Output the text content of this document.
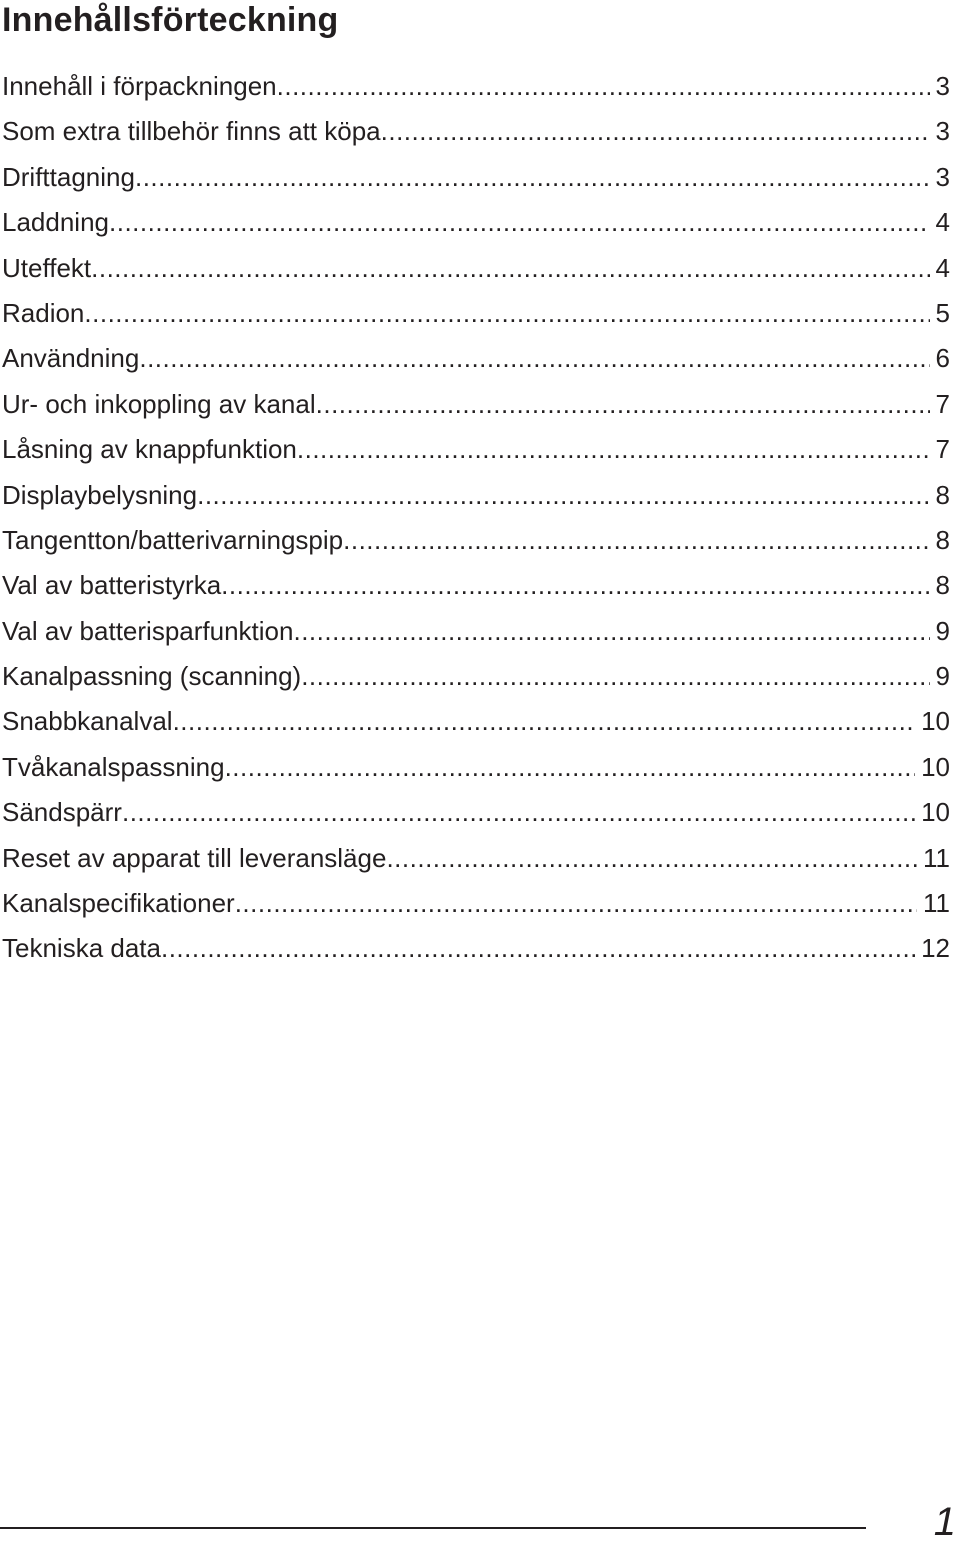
Innehållsförteckning
Innehåll i förpackningen .....	3
Som extra tillbehör finns att köpa .....	3
Drifttagning .....	3
Laddning .....	4
Uteffekt .....	4
Radion .....	5
Användning .....	6
Ur- och inkoppling av kanal .....	7
Låsning av knappfunktion .....	7
Displaybelysning .....	8
Tangentton/batterivarningspip .....	8
Val av batteristyrka .....	8
Val av batterisparfunktion .....	9
Kanalpassning (scanning) .....	9
Snabbkanalval .....	10
Tvåkanalspassning .....	10
Sändspärr .....	10
Reset av apparat till leveransläge .....	11
Kanalspecifikationer .....	11
Tekniska data .....	12
1
